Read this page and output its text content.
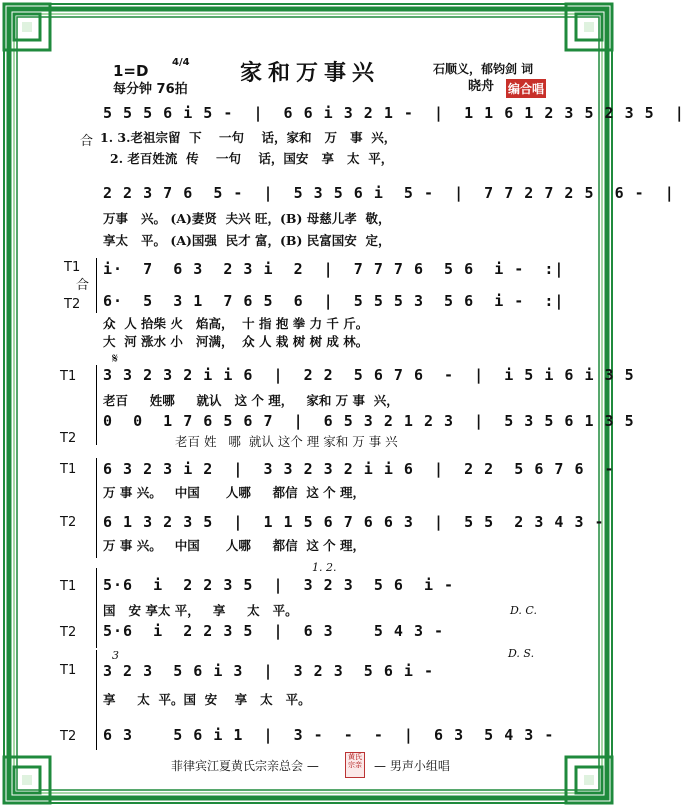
1=D 4/4
每分钟 76拍
家和万事兴	石顺义，郁钧剑 词
晓舟 编合唱
5 5 5 6 i 5 -  |  6 6 i 3 2 1 -  |  1 1 6 1 2 3 5 2 3 5  |
合 1. 3.老祖宗留  下    一句    话，家和   万   事  兴，
2. 老百姓流  传    一句    话，国安   享   太  平，
2 2 3 7 6  5 -  |  5 3 5 6 i  5 -  |  7 7 2 7 2 5  6 -  |
万事   兴。 (A)妻贤  夫兴 旺，(B) 母慈儿孝  敬，
享太   平。 (A)国强  民才 富，(B) 民富国安  定，
T1
合
T2
i·  7  6 3  2 3 i  2  |  7 7 7 6  5 6  i -  :|
6·  5  3 1  7 6 5  6  |  5 5 5 3  5 6  i -  :|
众  人 拾柴 火   焰高，  十 指 抱 拳 力 千 斤。
大  河 涨水 小   河满，  众 人 栽 树 树 成 林。
𝄋
T1 3 3 2 3 2 i i 6  |  2 2  5 6 7 6  -  |  i 5 i 6 i 3 5
老百     姓哪     就认   这 个 理，   家和 万 事  兴，
0  0  1 7 6 5 6 7  |  6 5 3 2 1 2 3  |  5 3 5 6 1 3 5
T2	老百 姓   哪  就认 这个 理 家和 万 事 兴
T1 6 3 2 3 i 2  |  3 3 2 3 2 i i 6  |  2 2  5 6 7 6  -
万 事 兴。   中国      人哪     都信  这 个 理，
T2 6 1 3 2 3 5  |  1 1 5 6 7 6 6 3  |  5 5  2 3 4 3 -
万 事 兴。   中国      人哪     都信  这 个 理，
1. 2.
T1 5·6  i  2 2 3 5  |  3 2 3  5 6  i -
国   安 享太 平，   享     太   平。	D. C.
T2 5·6  i  2 2 3 5  |  6 3    5 4 3 -
D. S.
3
T1 3 2 3  5 6 i 3  |  3 2 3  5 6 i -
享     太  平。国  安    享   太   平。
T2 6 3    5 6 i 1  |  3 -  -  -  |  6 3  5 4 3 -
菲律宾江夏黄氏宗亲总会 —
黄氏宗亲 — 男声小组唱
